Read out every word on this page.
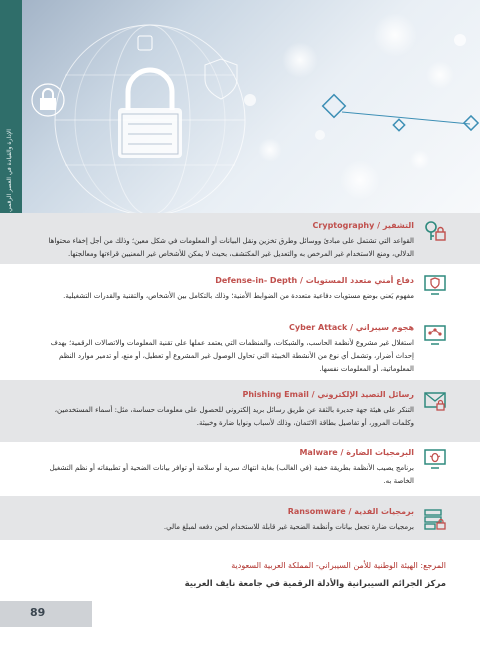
الإدارة والقيادة في العصر الرقمي
التشفير / Cryptography
القواعد التي تشتمل على مبادئ ووسائل وطرق تخزين ونقل البيانات أو المعلومات في شكل معين؛ وذلك من أجل إخفاء محتواها الدلالي، ومنع الاستخدام غير المرخص به والتعديل غير المكتشف، بحيث لا يمكن للأشخاص غير المعنيين قراءتها ومعالجتها.
دفاع أمني متعدد المستويات / Defense-in- Depth
مفهوم يَعني بوضع مستويات دفاعية متعددة من الضوابط الأمنية؛ وذلك بالتكامل بين الأشخاص، والتقنية والقدرات التشغيلية.
هجوم سيبراني / Cyber Attack
استغلال غير مشروع لأنظمة الحاسب، والشبكات، والمنظمات التي يعتمد عملها على تقنية المعلومات والاتصالات الرقمية؛ بهدف إحداث أضرار، وتشمل أي نوع من الأنشطة الخبيثة التي تحاول الوصول غير المشروع أو تعطيل، أو منع، أو تدمير موارد النظم المعلوماتية، أو المعلومات نفسها.
رسائل التصيد الإلكتروني / Phishing Email
التنكر على هيئة جهة جديرة بالثقة عن طريق رسائل بريد إلكتروني للحصول على معلومات حساسة، مثل: أسماء المستخدمين، وكلمات المرور، أو تفاصيل بطاقة الائتمان، وذلك لأسباب ونوايا ضارة وخبيثة.
البرمجيات الضارة / Malware
برنامج يصيب الأنظمة بطريقة خفية (في الغالب) بغاية انتهاك سرية أو سلامة أو توافر بيانات الضحية أو تطبيقاته أو نظم التشغيل الخاصة به.
برمجيات الفدية / Ransomware
برمجيات ضارة تجعل بيانات وأنظمة الضحية غير قابلة للاستخدام لحين دفعه لمبلغ مالي.
المرجع: الهيئة الوطنية للأمن السيبراني- المملكة العربية السعودية
مركز الجرائم السيبرانية والأدلة الرقمية في جامعة نايف العربية
89
